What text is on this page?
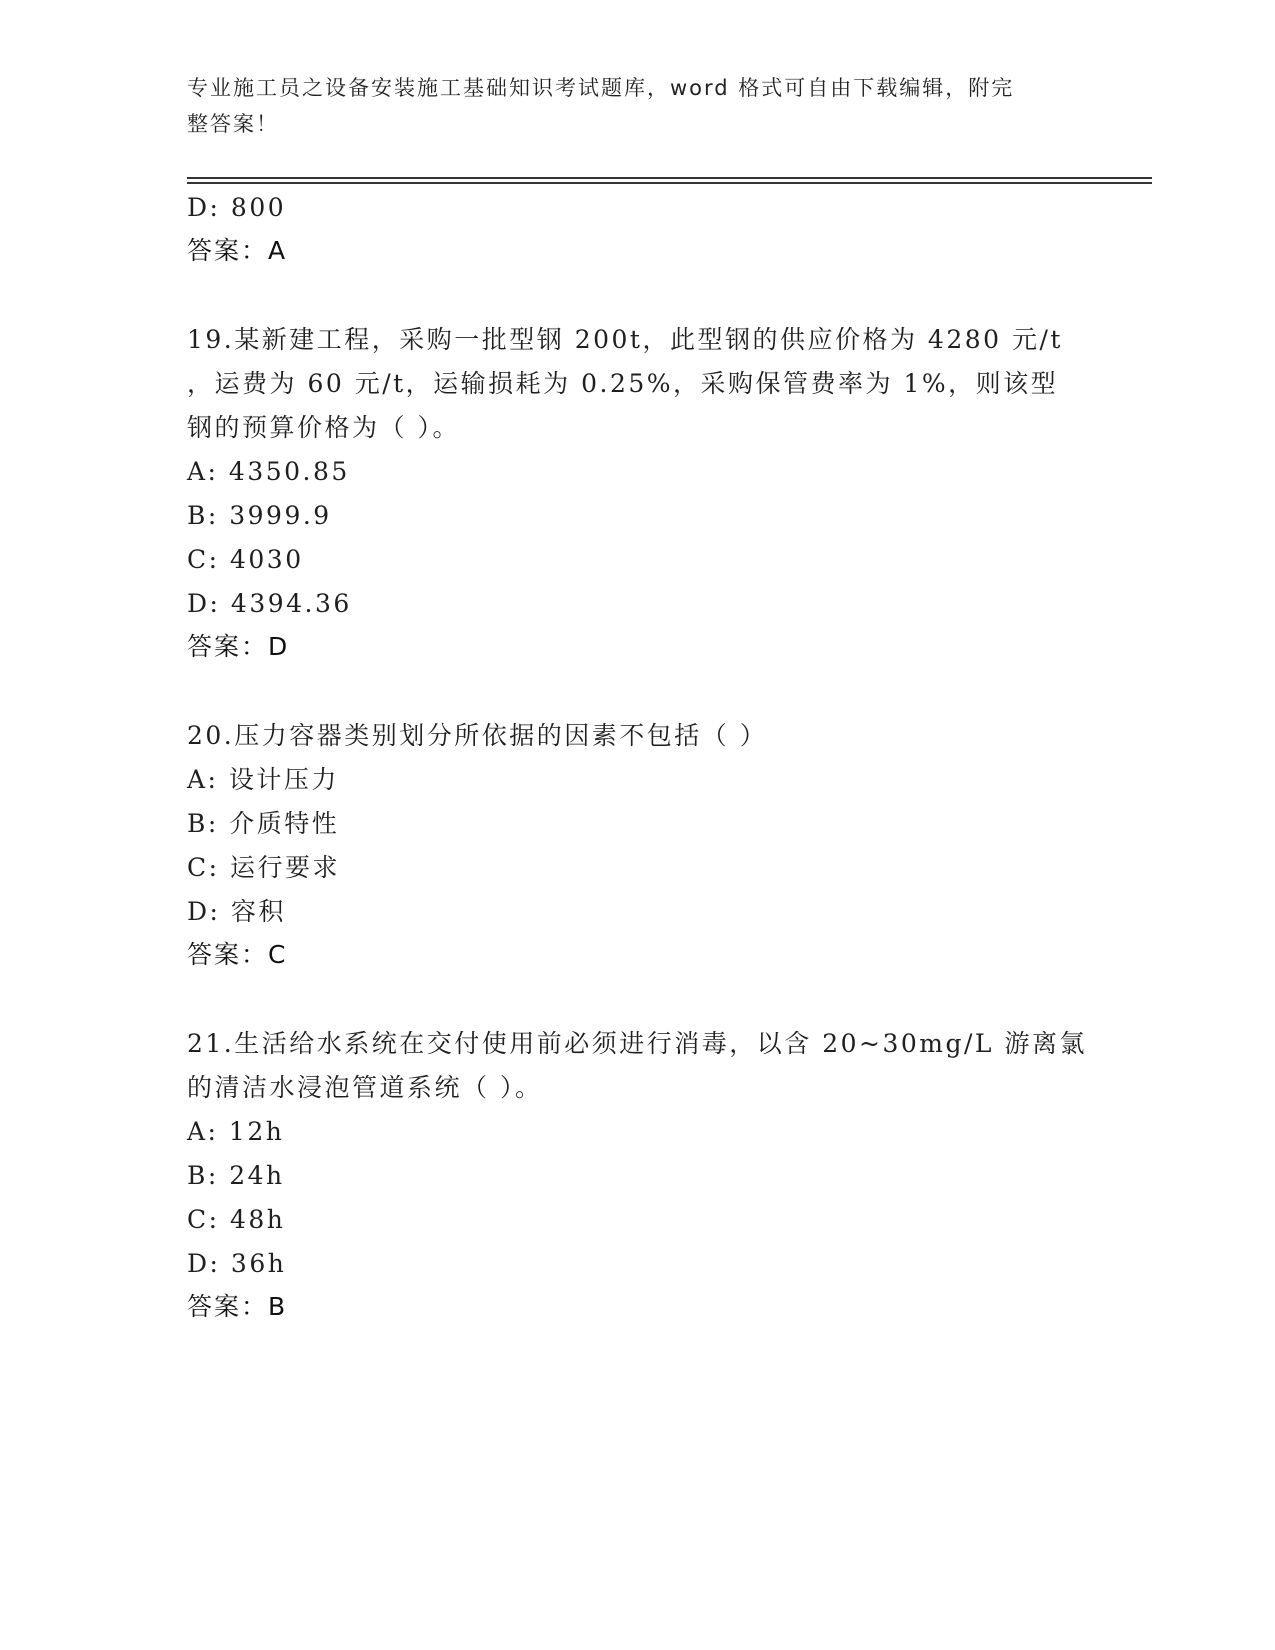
专业施工员之设备安装施工基础知识考试题库，word 格式可自由下载编辑，附完
整答案！
D: 800
答案：A
19.某新建工程，采购一批型钢 200t，此型钢的供应价格为 4280 元/t
，运费为 60 元/t，运输损耗为 0.25%，采购保管费率为 1%，则该型
钢的预算价格为（ ）。
A: 4350.85
B: 3999.9
C: 4030
D: 4394.36
答案：D
20.压力容器类别划分所依据的因素不包括（ ）
A: 设计压力
B: 介质特性
C: 运行要求
D: 容积
答案：C
21.生活给水系统在交付使用前必须进行消毒，以含 20~30mg/L 游离氯
的清洁水浸泡管道系统（ ）。
A: 12h
B: 24h
C: 48h
D: 36h
答案：B
